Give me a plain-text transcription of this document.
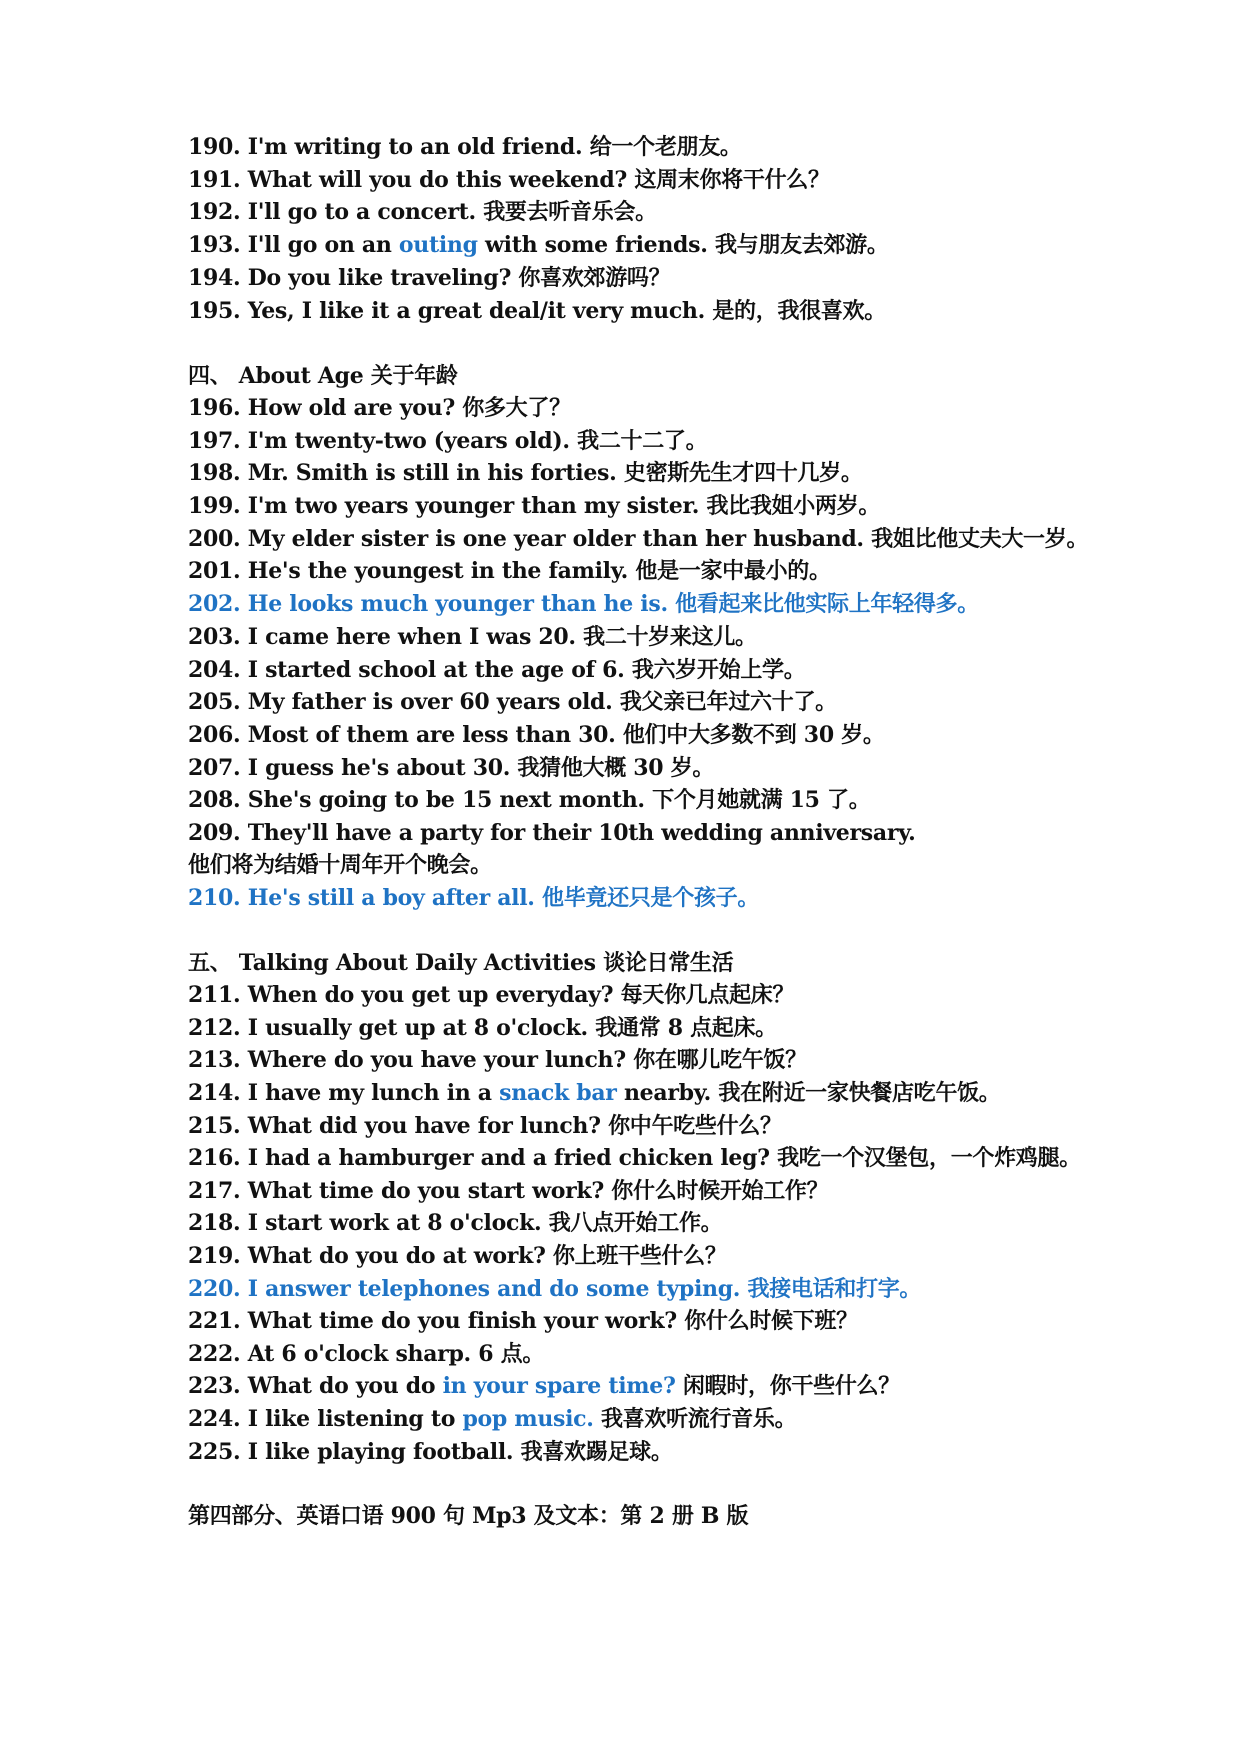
190. I'm writing to an old friend. 给一个老朋友。
191. What will you do this weekend? 这周末你将干什么？
192. I'll go to a concert. 我要去听音乐会。
193. I'll go on an outing with some friends. 我与朋友去郊游。
194. Do you like traveling? 你喜欢郊游吗？
195. Yes, I like it a great deal/it very much. 是的，我很喜欢。
四、 About Age 关于年龄
196. How old are you? 你多大了？
197. I'm twenty-two (years old). 我二十二了。
198. Mr. Smith is still in his forties. 史密斯先生才四十几岁。
199. I'm two years younger than my sister. 我比我姐小两岁。
200. My elder sister is one year older than her husband. 我姐比他丈夫大一岁。
201. He's the youngest in the family. 他是一家中最小的。
202. He looks much younger than he is. 他看起来比他实际上年轻得多。
203. I came here when I was 20. 我二十岁来这儿。
204. I started school at the age of 6. 我六岁开始上学。
205. My father is over 60 years old. 我父亲已年过六十了。
206. Most of them are less than 30. 他们中大多数不到 30 岁。
207. I guess he's about 30. 我猜他大概 30 岁。
208. She's going to be 15 next month. 下个月她就满 15 了。
209. They'll have a party for their 10th wedding anniversary.
他们将为结婚十周年开个晚会。
210. He's still a boy after all. 他毕竟还只是个孩子。
五、 Talking About Daily Activities 谈论日常生活
211. When do you get up everyday? 每天你几点起床？
212. I usually get up at 8 o'clock. 我通常 8 点起床。
213. Where do you have your lunch? 你在哪儿吃午饭？
214. I have my lunch in a snack bar nearby. 我在附近一家快餐店吃午饭。
215. What did you have for lunch? 你中午吃些什么？
216. I had a hamburger and a fried chicken leg? 我吃一个汉堡包，一个炸鸡腿。
217. What time do you start work? 你什么时候开始工作？
218. I start work at 8 o'clock. 我八点开始工作。
219. What do you do at work? 你上班干些什么？
220. I answer telephones and do some typing. 我接电话和打字。
221. What time do you finish your work? 你什么时候下班？
222. At 6 o'clock sharp. 6 点。
223. What do you do in your spare time? 闲暇时，你干些什么？
224. I like listening to pop music. 我喜欢听流行音乐。
225. I like playing football. 我喜欢踢足球。
第四部分、英语口语 900 句 Mp3 及文本：第 2 册 B 版
